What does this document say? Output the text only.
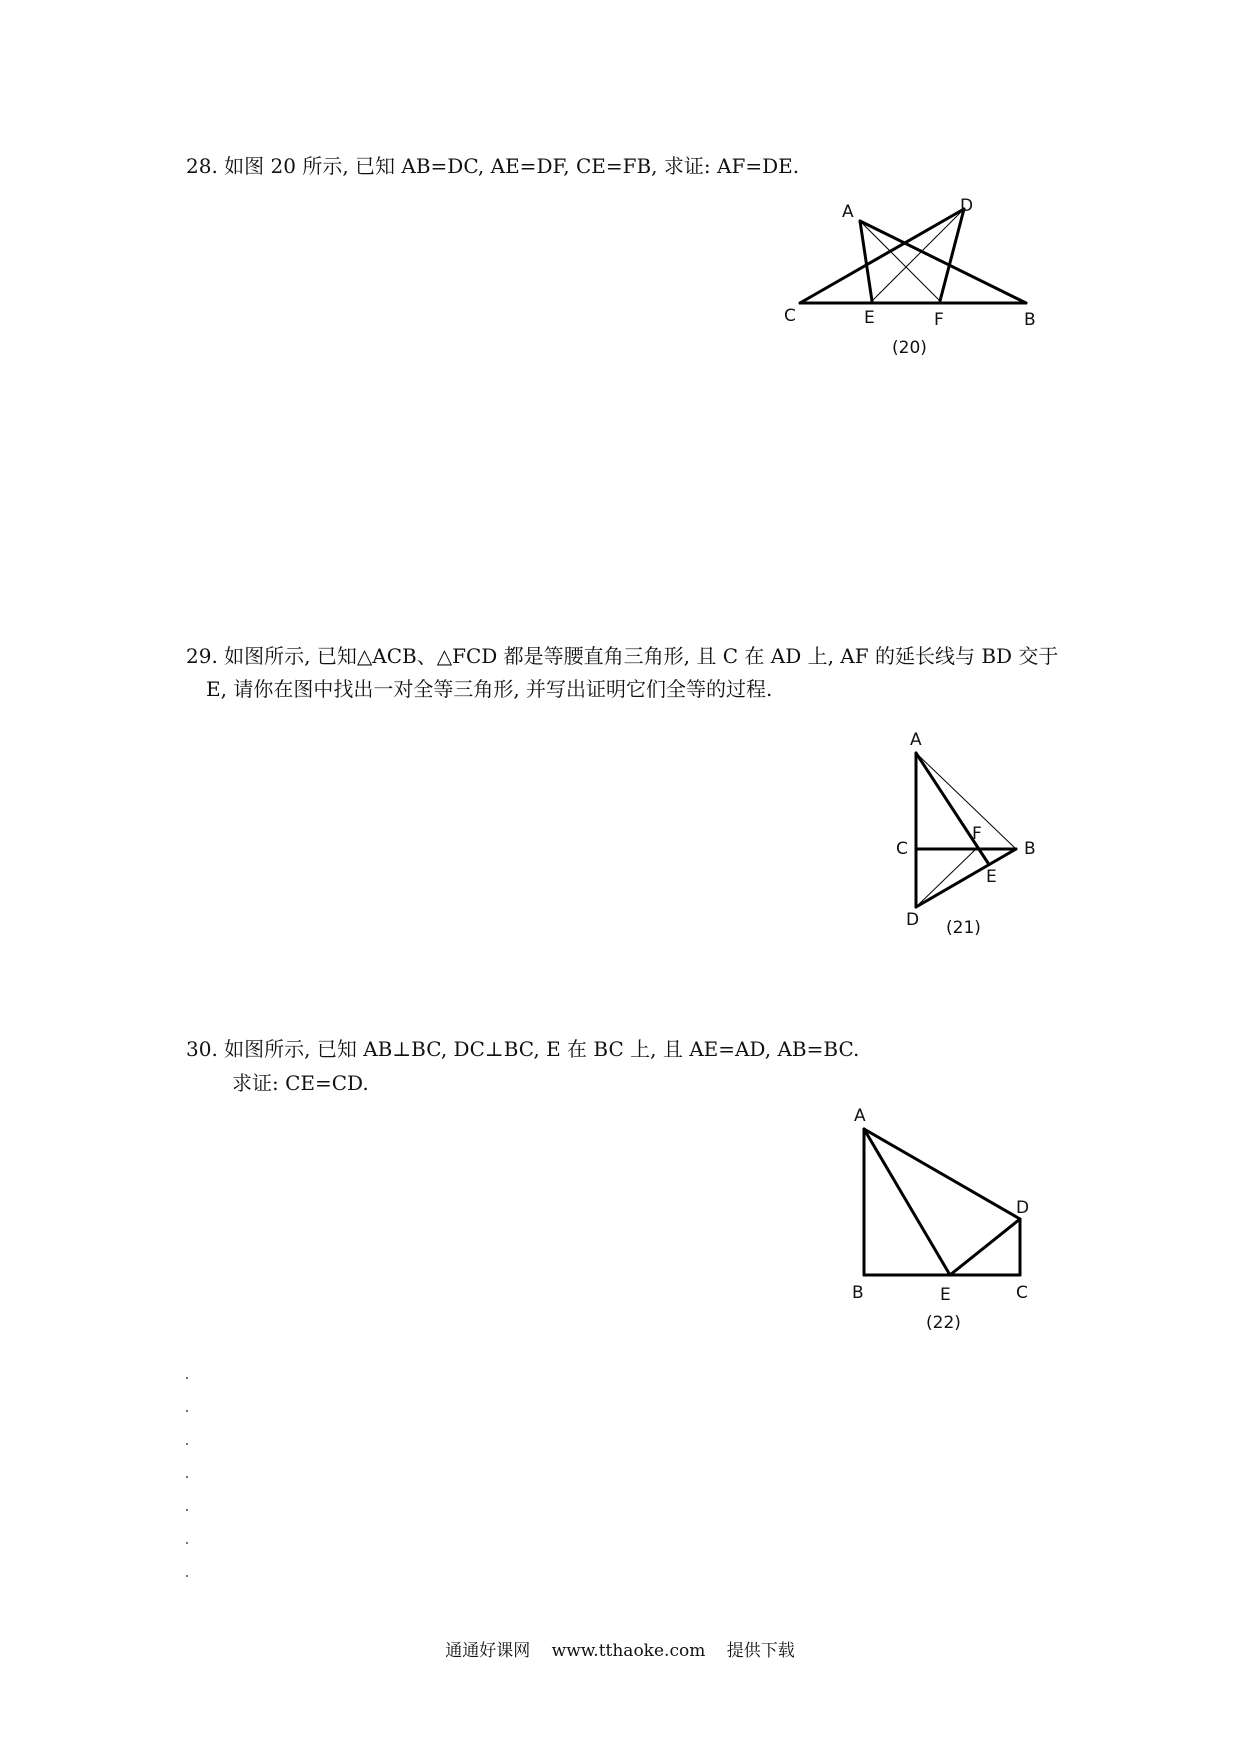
28. 如图 20 所示, 已知 AB=DC, AE=DF, CE=FB, 求证: AF=DE.

A	D
C	E	F	B
(20)

29. 如图所示, 已知△ACB、△FCD 都是等腰直角三角形, 且 C 在 AD 上, AF 的延长线与 BD 交于

E, 请你在图中找出一对全等三角形, 并写出证明它们全等的过程.

A
C
F
B
E
D (21)

30. 如图所示, 已知 AB⊥BC, DC⊥BC, E 在 BC 上, 且 AE=AD, AB=BC.

求证: CE=CD.

A
D
B	E	C
(22)
通通好课网 www.tthaoke.com 提供下载
